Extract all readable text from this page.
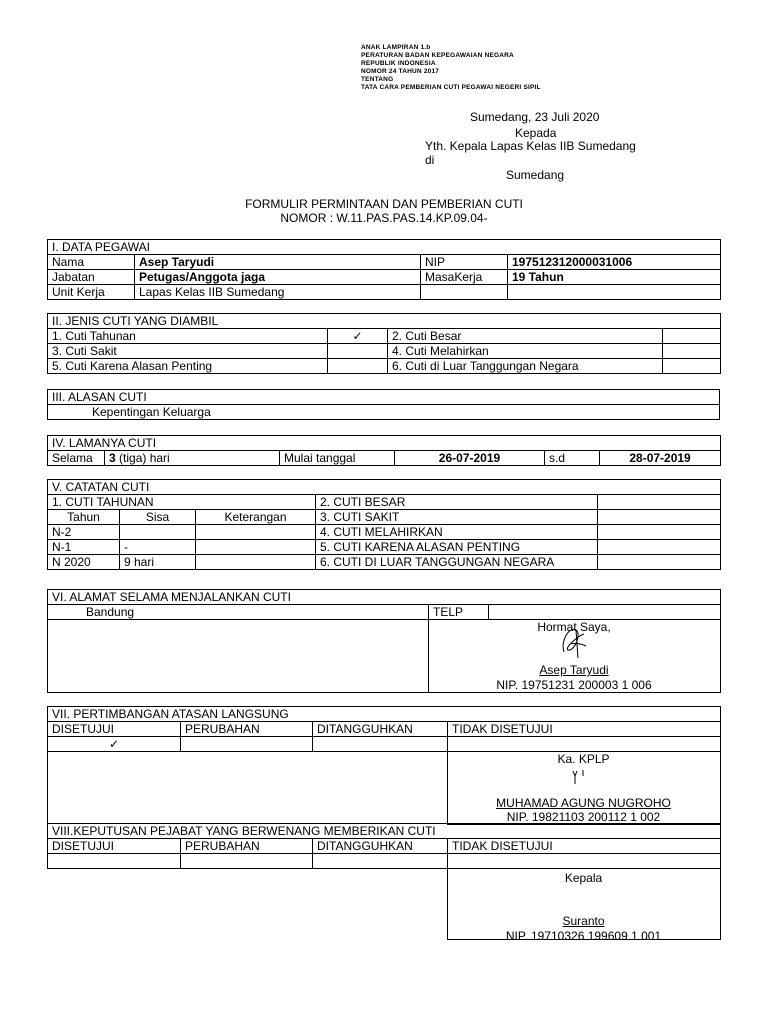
ANAK LAMPIRAN 1.b
PERATURAN BADAN KEPEGAWAIAN NEGARA
REPUBLIK INDONESIA
NOMOR 24 TAHUN 2017
TENTANG
TATA CARA PEMBERIAN CUTI PEGAWAI NEGERI SIPIL
Sumedang, 23 Juli 2020
Kepada
Yth. Kepala Lapas Kelas IIB Sumedang
di
Sumedang
FORMULIR PERMINTAAN DAN PEMBERIAN CUTI
NOMOR : W.11.PAS.PAS.14.KP.09.04-
I. DATA PEGAWAI			
Nama	Asep Taryudi	NIP	197512312000031006
Jabatan	Petugas/Anggota jaga	MasaKerja	19 Tahun
Unit Kerja	Lapas Kelas IIB Sumedang		
II. JENIS CUTI YANG DIAMBIL			
1. Cuti Tahunan	✓	2. Cuti Besar	
3. Cuti Sakit		4. Cuti Melahirkan	
5. Cuti Karena Alasan Penting		6. Cuti di Luar Tanggungan Negara	
III. ALASAN CUTI
Kepentingan Keluarga
IV. LAMANYA CUTI
Selama	3 (tiga) hari	Mulai tanggal	26-07-2019	s.d	28-07-2019
V. CATATAN CUTI				
1. CUTI TAHUNAN			2. CUTI BESAR	
Tahun	Sisa	Keterangan	3. CUTI SAKIT	
N-2			4. CUTI MELAHIRKAN	
N-1	-		5. CUTI KARENA ALASAN PENTING	
N 2020	9 hari		6. CUTI DI LUAR TANGGUNGAN NEGARA	
VI. ALAMAT SELAMA MENJALANKAN CUTI		
Bandung	TELP	

Hormat Saya,
Asep Taryudi
NIP. 19751231 200003 1 006
VII. PERTIMBANGAN ATASAN LANGSUNG			
DISETUJUI	PERUBAHAN	DITANGGUHKAN	TIDAK DISETUJUI
✓			

Ka. KPLP
MUHAMAD AGUNG NUGROHO
NIP. 19821103 200112 1 002
VIII.KEPUTUSAN PEJABAT YANG BERWENANG MEMBERIKAN CUTI			
DISETUJUI	PERUBAHAN	DITANGGUHKAN	TIDAK DISETUJUI

Kepala
Suranto
NIP. 19710326 199609 1 001
